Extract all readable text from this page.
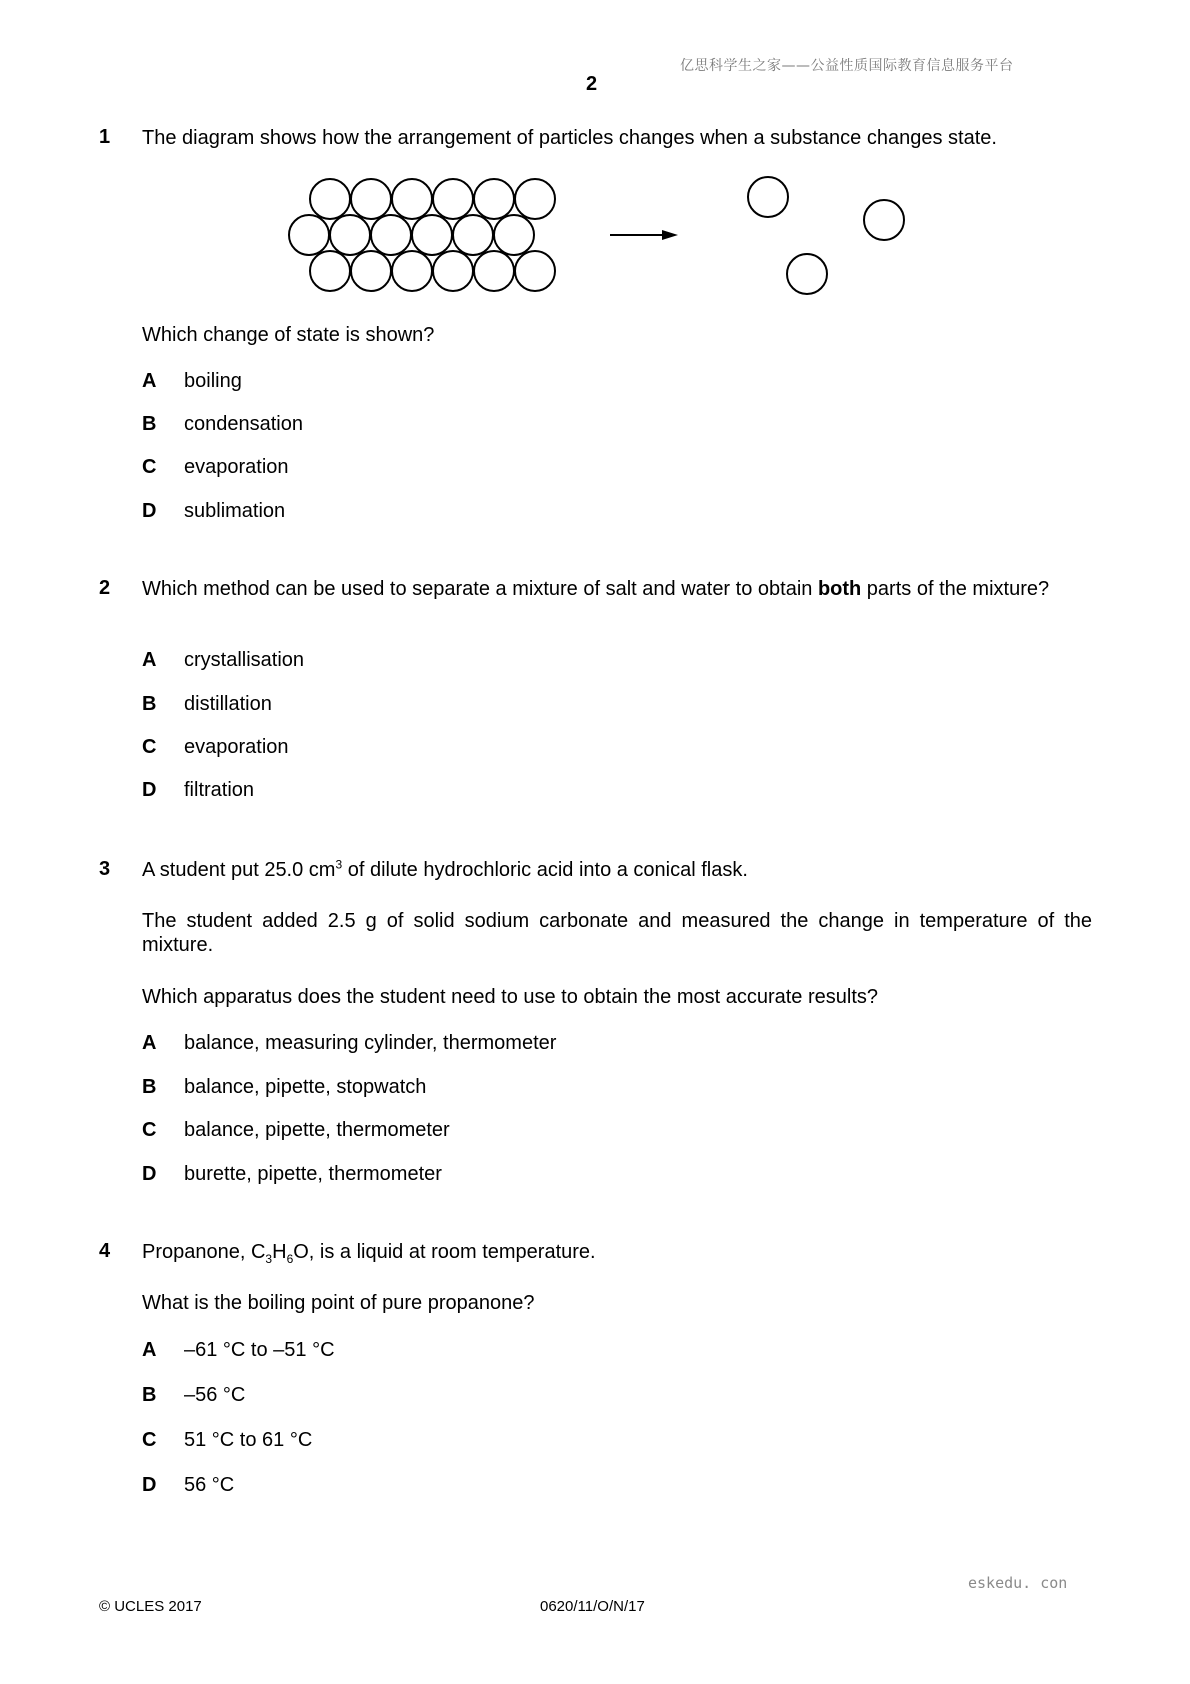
亿思科学生之家——公益性质国际教育信息服务平台
2
1 The diagram shows how the arrangement of particles changes when a substance changes state.
Which change of state is shown?
A boiling
B condensation
C evaporation
D sublimation
2 Which method can be used to separate a mixture of salt and water to obtain both parts of the mixture?
A crystallisation
B distillation
C evaporation
D filtration
3 A student put 25.0 $cm^3$ of dilute hydrochloric acid into a conical flask.
The student added 2.5 g of solid sodium carbonate and measured the change in temperature of the mixture.
Which apparatus does the student need to use to obtain the most accurate results?
A balance, measuring cylinder, thermometer
B balance, pipette, stopwatch
C balance, pipette, thermometer
D burette, pipette, thermometer
4 Propanone, $C_3H_6O$, is a liquid at room temperature.
What is the boiling point of pure propanone?
A –61 °C to –51 °C
B –56 °C
C 51 °C to 61 °C
D 56 °C
eskedu. con
© UCLES 2017	0620/11/O/N/17
